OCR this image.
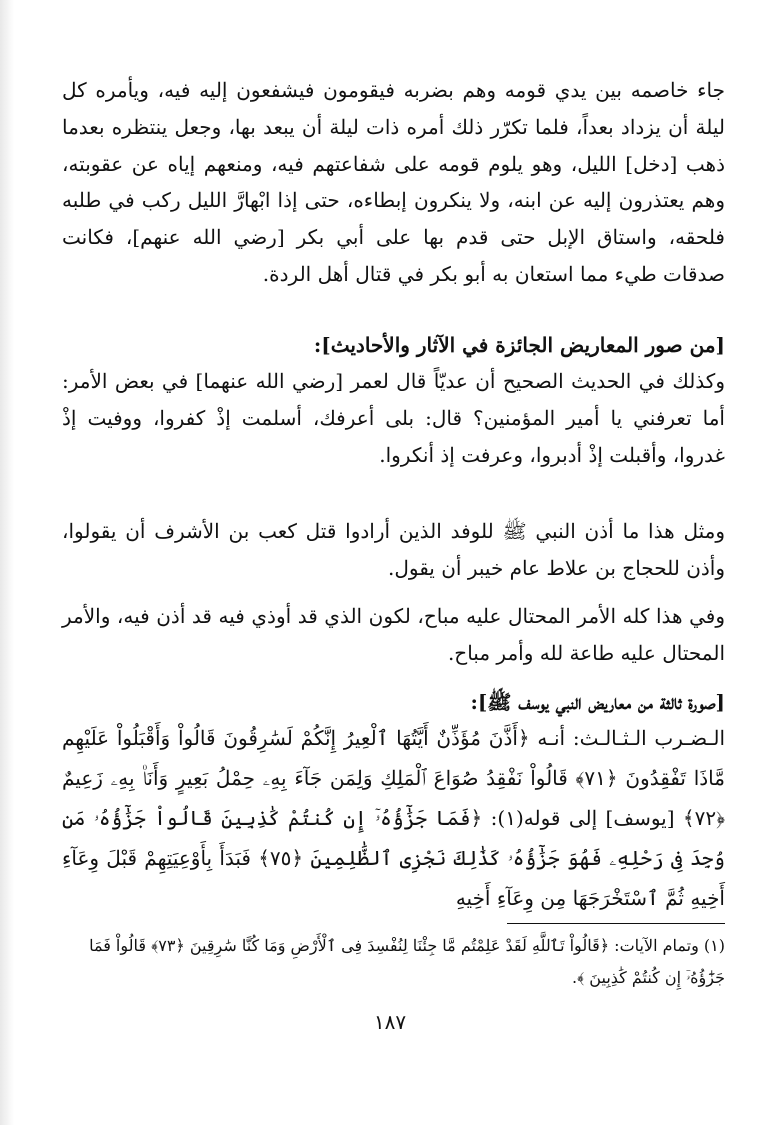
جاء خاصمه بين يدي قومه وهم بضربه فيقومون فيشفعون إليه فيه، ويأمره كل ليلة أن يزداد بعداً، فلما تكرّر ذلك أمره ذات ليلة أن يبعد بها، وجعل ينتظره بعدما ذهب [دخل] الليل، وهو يلوم قومه على شفاعتهم فيه، ومنعهم إياه عن عقوبته، وهم يعتذرون إليه عن ابنه، ولا ينكرون إبطاءه، حتى إذا ابْهارَّ الليل ركب في طلبه فلحقه، واستاق الإبل حتى قدم بها على أبي بكر [رضي الله عنهم]، فكانت صدقات طيء مما استعان به أبو بكر في قتال أهل الردة.

[من صور المعاريض الجائزة في الآثار والأحاديث]:

وكذلك في الحديث الصحيح أن عديّاً قال لعمر [رضي الله عنهما] في بعض الأمر: أما تعرفني يا أمير المؤمنين؟ قال: بلى أعرفك، أسلمت إذْ كفروا، ووفيت إذْ غدروا، وأقبلت إذْ أدبروا، وعرفت إذ أنكروا.

ومثل هذا ما أذن النبي ﷺ للوفد الذين أرادوا قتل كعب بن الأشرف أن يقولوا، وأذن للحجاج بن علاط عام خيبر أن يقول.

وفي هذا كله الأمر المحتال عليه مباح، لكون الذي قد أوذي فيه قد أذن فيه، والأمر المحتال عليه طاعة لله وأمر مباح.

[صورة ثالثة من معاريض النبي يوسف ﷺ]:

الـضـرب الـثـالـث: أنـه ﴿أَذَّنَ مُؤَذِّنٌ أَيَّتُهَا ٱلْعِيرُ إِنَّكُمْ لَسَٰرِقُونَ قَالُواْ وَأَقْبَلُواْ عَلَيْهِم مَّاذَا تَفْقِدُونَ ﴿٧١﴾ قَالُواْ نَفْقِدُ صُوَاعَ ٱلْمَلِكِ وَلِمَن جَآءَ بِهِۦ حِمْلُ بَعِيرٍ وَأَنَا۠ بِهِۦ زَعِيمٌ ﴿٧٢﴾ [يوسف] إلى قوله(١): ﴿فَمَا جَزَٰٓؤُهُۥٓ إِن كُنتُمْ كَٰذِبِينَ قَالُواْ جَزَٰٓؤُهُۥ مَن وُجِدَ فِى رَحْلِهِۦ فَهُوَ جَزَٰٓؤُهُۥ كَذَٰلِكَ نَجْزِى ٱلظَّٰلِمِينَ ﴿٧٥﴾ فَبَدَأَ بِأَوْعِيَتِهِمْ قَبْلَ وِعَآءِ أَخِيهِ ثُمَّ ٱسْتَخْرَجَهَا مِن وِعَآءِ أَخِيهِ

(١) وتمام الآيات: ﴿قَالُواْ تَٱللَّهِ لَقَدْ عَلِمْتُم مَّا جِئْنَا لِنُفْسِدَ فِى ٱلْأَرْضِ وَمَا كُنَّا سَٰرِقِينَ ﴿٧٣﴾ قَالُواْ فَمَا جَزَٰٓؤُهُۥٓ إِن كُنتُمْ كَٰذِبِينَ ﴾.

١٨٧
